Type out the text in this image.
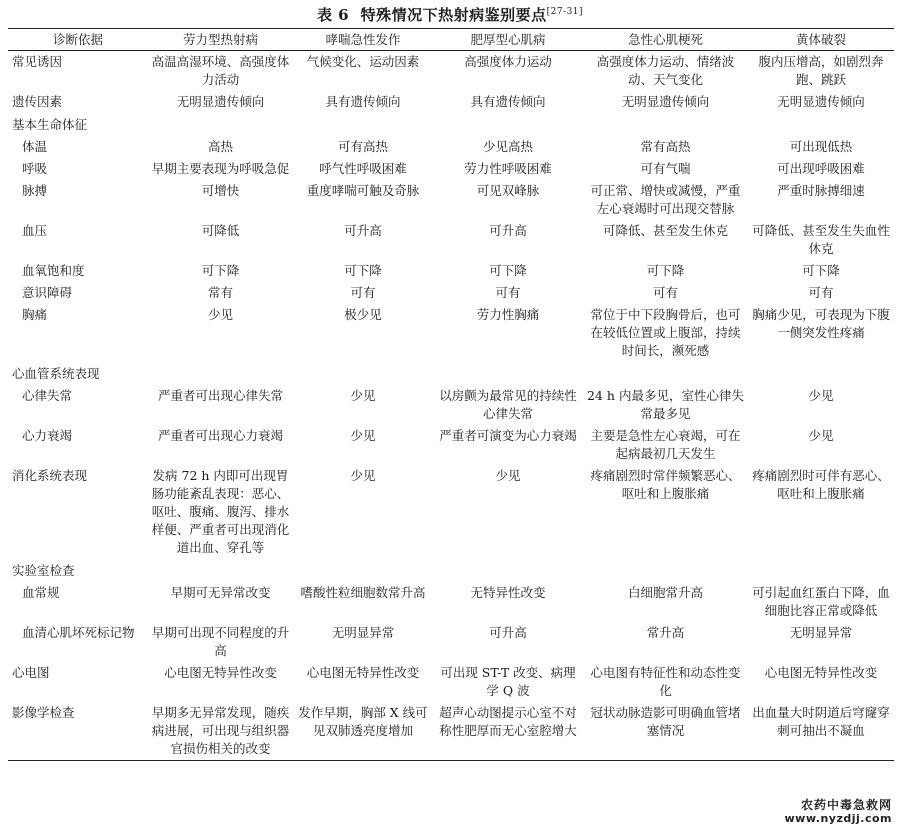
表 6 特殊情况下热射病鉴别要点[27-31]
诊断依据	劳力型热射病	哮喘急性发作	肥厚型心肌病	急性心肌梗死	黄体破裂
常见诱因	高温高湿环境、高强度体力活动	气候变化、运动因素	高强度体力运动	高强度体力运动、情绪波动、天气变化	腹内压增高，如剧烈奔跑、跳跃
遗传因素	无明显遗传倾向	具有遗传倾向	具有遗传倾向	无明显遗传倾向	无明显遗传倾向
基本生命体征					
体温	高热	可有高热	少见高热	常有高热	可出现低热
呼吸	早期主要表现为呼吸急促	呼气性呼吸困难	劳力性呼吸困难	可有气喘	可出现呼吸困难
脉搏	可增快	重度哮喘可触及奇脉	可见双峰脉	可正常、增快或减慢，严重左心衰竭时可出现交替脉	严重时脉搏细速
血压	可降低	可升高	可升高	可降低、甚至发生休克	可降低、甚至发生失血性休克
血氧饱和度	可下降	可下降	可下降	可下降	可下降
意识障碍	常有	可有	可有	可有	可有
胸痛	少见	极少见	劳力性胸痛	常位于中下段胸骨后，也可在较低位置或上腹部，持续时间长，濒死感	胸痛少见，可表现为下腹一侧突发性疼痛
心血管系统表现					
心律失常	严重者可出现心律失常	少见	以房颤为最常见的持续性心律失常	24 h 内最多见，室性心律失常最多见	少见
心力衰竭	严重者可出现心力衰竭	少见	严重者可演变为心力衰竭	主要是急性左心衰竭，可在起病最初几天发生	少见
消化系统表现	发病 72 h 内即可出现胃肠功能紊乱表现：恶心、呕吐、腹痛、腹泻、排水样便、严重者可出现消化道出血、穿孔等	少见	少见	疼痛剧烈时常伴频繁恶心、呕吐和上腹胀痛	疼痛剧烈时可伴有恶心、呕吐和上腹胀痛
实验室检查					
血常规	早期可无异常改变	嗜酸性粒细胞数常升高	无特异性改变	白细胞常升高	可引起血红蛋白下降，血细胞比容正常或降低
血清心肌坏死标记物	早期可出现不同程度的升高	无明显异常	可升高	常升高	无明显异常
心电图	心电图无特异性改变	心电图无特异性改变	可出现 ST-T 改变、病理学 Q 波	心电图有特征性和动态性变化	心电图无特异性改变
影像学检查	早期多无异常发现，随疾病进展，可出现与组织器官损伤相关的改变	发作早期，胸部 X 线可见双肺透亮度增加	超声心动图提示心室不对称性肥厚而无心室腔增大	冠状动脉造影可明确血管堵塞情况	出血量大时阴道后穹窿穿刺可抽出不凝血
农药中毒急救网
www.nyzdjj.com
